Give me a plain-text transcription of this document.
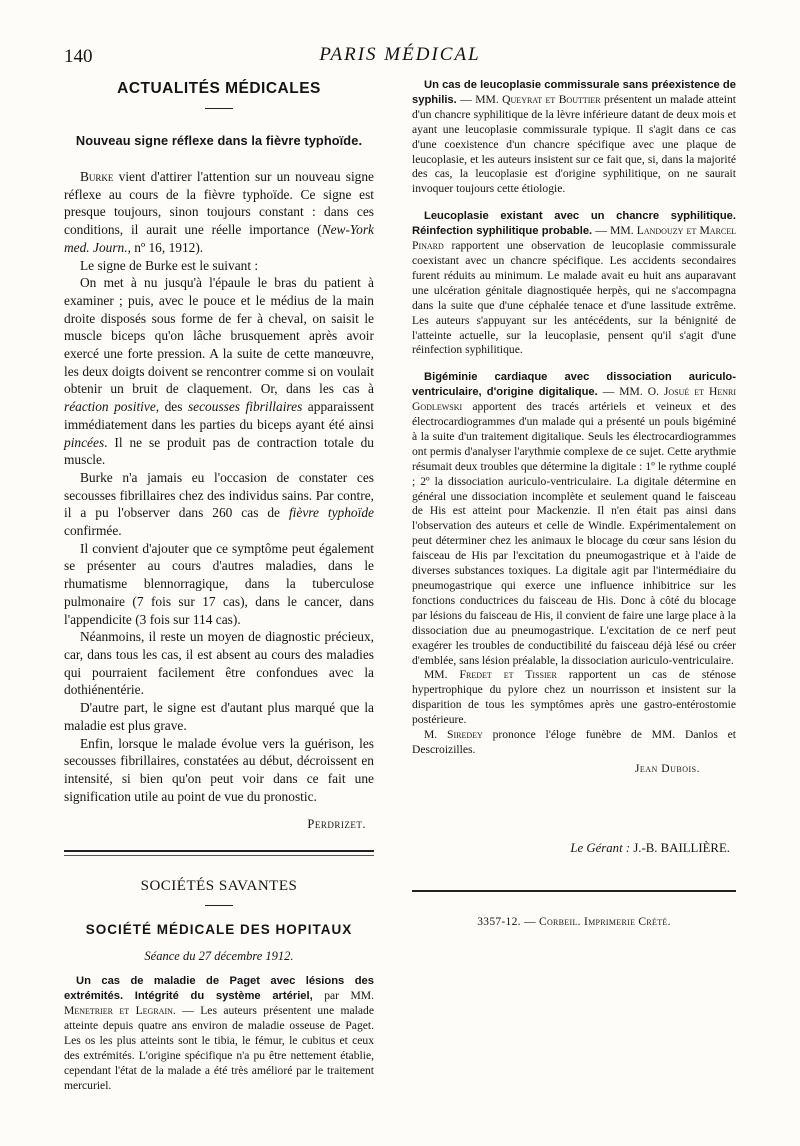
140	PARIS MÉDICAL
ACTUALITÉS MÉDICALES
Nouveau signe réflexe dans la fièvre typhoïde.

Burke vient d'attirer l'attention sur un nouveau signe réflexe au cours de la fièvre typhoïde. Ce signe est presque toujours, sinon toujours constant : dans ces conditions, il aurait une réelle importance (New-York med. Journ., nº 16, 1912).

Le signe de Burke est le suivant :

On met à nu jusqu'à l'épaule le bras du patient à examiner ; puis, avec le pouce et le médius de la main droite disposés sous forme de fer à cheval, on saisit le muscle biceps qu'on lâche brusquement après avoir exercé une forte pression. A la suite de cette manœuvre, les deux doigts doivent se rencontrer comme si on voulait obtenir un bruit de claquement. Or, dans les cas à réaction positive, des secousses fibrillaires apparaissent immédiatement dans les parties du biceps ayant été ainsi pincées. Il ne se produit pas de contraction totale du muscle.

Burke n'a jamais eu l'occasion de constater ces secousses fibrillaires chez des individus sains. Par contre, il a pu l'observer dans 260 cas de fièvre typhoïde confirmée.

Il convient d'ajouter que ce symptôme peut également se présenter au cours d'autres maladies, dans le rhumatisme blennorragique, dans la tuberculose pulmonaire (7 fois sur 17 cas), dans le cancer, dans l'appendicite (3 fois sur 114 cas).

Néanmoins, il reste un moyen de diagnostic précieux, car, dans tous les cas, il est absent au cours des maladies qui pourraient facilement être confondues avec la dothiénentérie.

D'autre part, le signe est d'autant plus marqué que la maladie est plus grave.

Enfin, lorsque le malade évolue vers la guérison, les secousses fibrillaires, constatées au début, décroissent en intensité, si bien qu'on peut voir dans ce fait une signification utile au point de vue du pronostic.

Perdrizet.
SOCIÉTÉS SAVANTES
SOCIÉTÉ MÉDICALE DES HOPITAUX
Séance du 27 décembre 1912.

Un cas de maladie de Paget avec lésions des extrémités. Intégrité du système artériel, par MM. Menetrier et Legrain. — Les auteurs présentent une malade atteinte depuis quatre ans environ de maladie osseuse de Paget. Les os les plus atteints sont le tibia, le fémur, le cubitus et ceux des extrémités. L'origine spécifique n'a pu être nettement établie, cependant l'état de la malade a été très amélioré par le traitement mercuriel.

Un cas de leucoplasie commissurale sans préexistence de syphilis. — MM. Queyrat et Bouttier présentent un malade atteint d'un chancre syphilitique de la lèvre inférieure datant de deux mois et ayant une leucoplasie commissurale typique. Il s'agit dans ce cas d'une coexistence d'un chancre spécifique avec une plaque de leucoplasie, et les auteurs insistent sur ce fait que, si, dans la majorité des cas, la leucoplasie est d'origine syphilitique, on ne saurait invoquer toujours cette étiologie.

Leucoplasie existant avec un chancre syphilitique. Réinfection syphilitique probable. — MM. Landouzy et Marcel Pinard rapportent une observation de leucoplasie commissurale coexistant avec un chancre spécifique. Les accidents secondaires furent réduits au minimum. Le malade avait eu huit ans auparavant une ulcération génitale diagnostiquée herpès, qui ne s'accompagna dans la suite que d'une céphalée tenace et d'une lassitude extrême. Les auteurs s'appuyant sur les antécédents, sur la bénignité de l'atteinte actuelle, sur la leucoplasie, pensent qu'il s'agit d'une réinfection syphilitique.

Bigéminie cardiaque avec dissociation auriculo-ventriculaire, d'origine digitalique. — MM. O. Josué et Henri Godlewski apportent des tracés artériels et veineux et des électrocardiogrammes d'un malade qui a présenté un pouls bigéminé à la suite d'un traitement digitalique. Seuls les électrocardiogrammes ont permis d'analyser l'arythmie complexe de ce sujet. Cette arythmie résumait deux troubles que détermine la digitale : 1º le rythme couplé ; 2º la dissociation auriculo-ventriculaire. La digitale détermine en général une dissociation incomplète et seulement quand le faisceau de His est atteint pour Mackenzie. Il n'en était pas ainsi dans l'observation des auteurs et celle de Windle. Expérimentalement on peut déterminer chez les animaux le blocage du cœur sans lésion du faisceau de His par l'excitation du pneumogastrique et à l'aide de diverses substances toxiques. La digitale agit par l'intermédiaire du pneumogastrique qui exerce une influence inhibitrice sur les fonctions conductrices du faisceau de His. Donc à côté du blocage par lésions du faisceau de His, il convient de faire une large place à la dissociation due au pneumogastrique. L'excitation de ce nerf peut exagérer les troubles de conductibilité du faisceau déjà lésé ou créer d'emblée, sans lésion préalable, la dissociation auriculo-ventriculaire.

MM. Fredet et Tissier rapportent un cas de sténose hypertrophique du pylore chez un nourrisson et insistent sur la disparition de tous les symptômes après une gastro-entérostomie postérieure.

M. Siredey prononce l'éloge funèbre de MM. Danlos et Descroizilles.

Jean Dubois.
Le Gérant : J.-B. BAILLIÈRE.
3357-12. — Corbeil. Imprimerie Crété.
